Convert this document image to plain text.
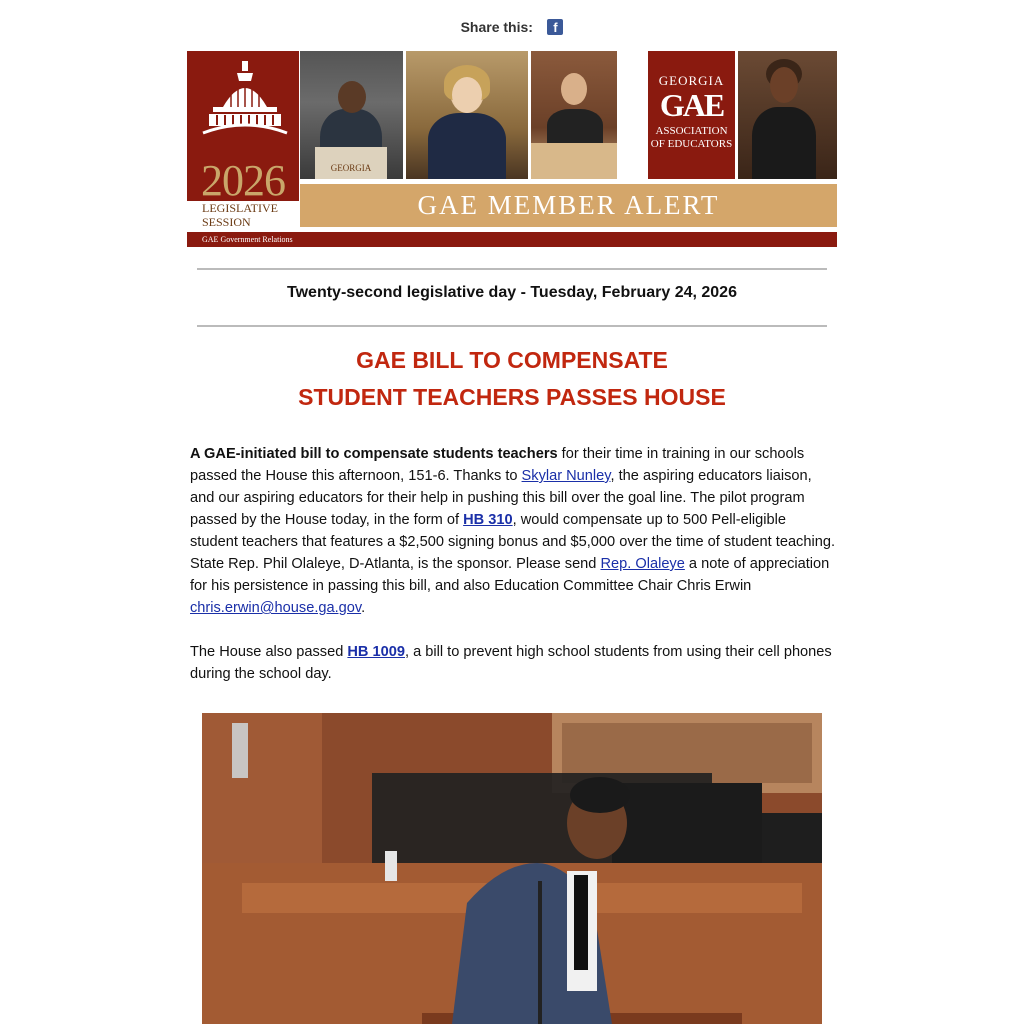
Share this: f
2026
LEGISLATIVE
SESSION
GAE Government Relations
GEORGIA
GEORGIA
GAE
ASSOCIATION
OF EDUCATORS
GAE MEMBER ALERT
Twenty-second legislative day - Tuesday, February 24, 2026
GAE BILL TO COMPENSATE
STUDENT TEACHERS PASSES HOUSE
A GAE-initiated bill to compensate students teachers for their time in training in our schools passed the House this afternoon, 151-6. Thanks to Skylar Nunley, the aspiring educators liaison, and our aspiring educators for their help in pushing this bill over the goal line. The pilot program passed by the House today, in the form of HB 310, would compensate up to 500 Pell-eligible student teachers that features a $2,500 signing bonus and $5,000 over the time of student teaching. State Rep. Phil Olaleye, D-Atlanta, is the sponsor. Please send Rep. Olaleye a note of appreciation for his persistence in passing this bill, and also Education Committee Chair Chris Erwin chris.erwin@house.ga.gov.
The House also passed HB 1009, a bill to prevent high school students from using their cell phones during the school day.
